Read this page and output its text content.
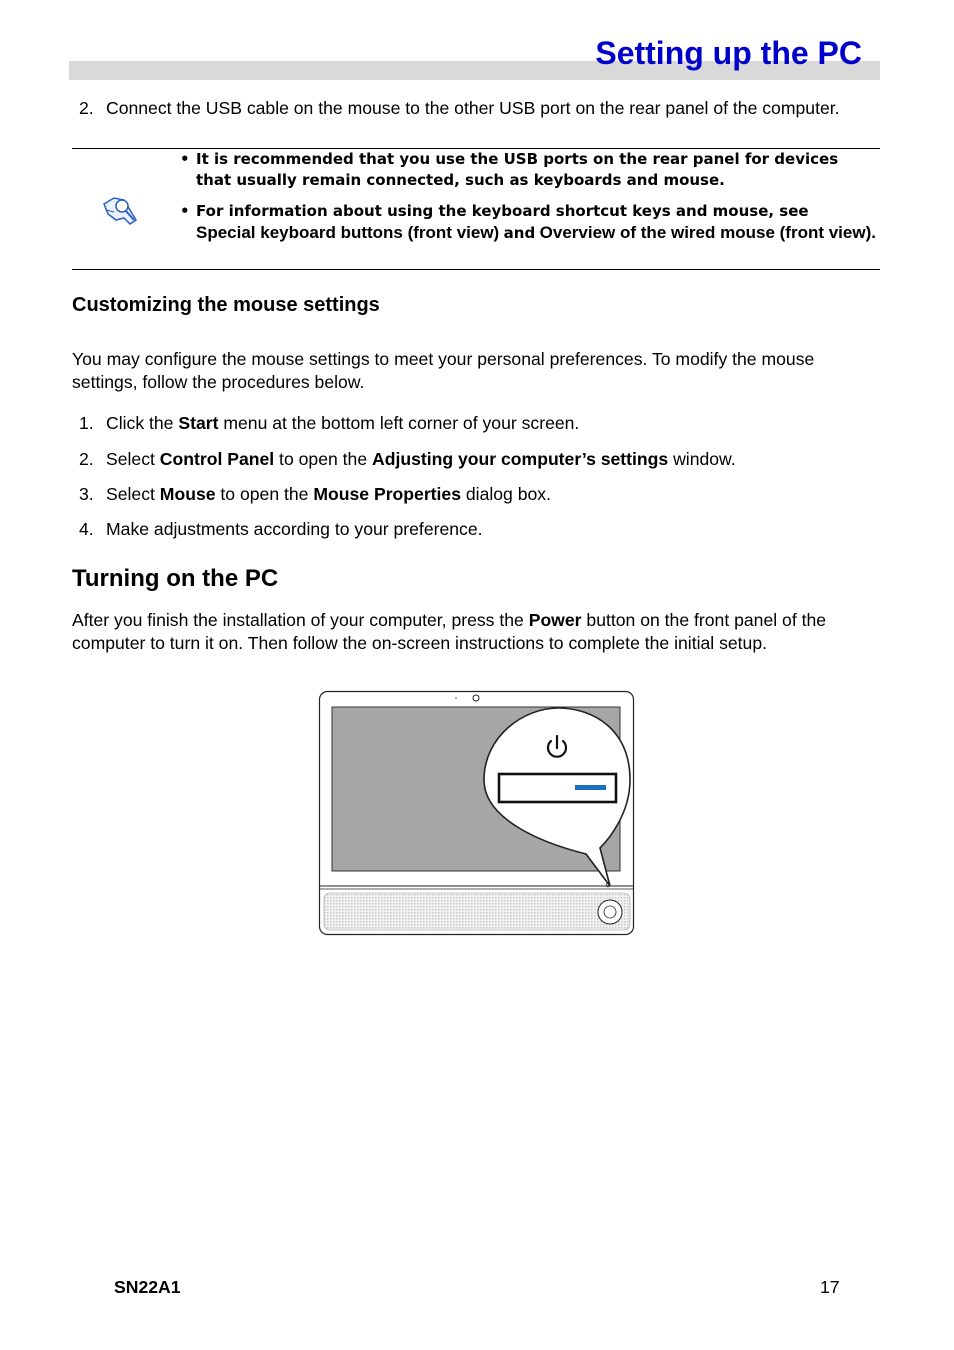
Setting up the PC
2. Connect the USB cable on the mouse to the other USB port on the rear panel of the computer.
• It is recommended that you use the USB ports on the rear panel for devices that usually remain connected, such as keyboards and mouse.
• For information about using the keyboard shortcut keys and mouse, see
Special keyboard buttons (front view) and Overview of the wired mouse (front view).
Customizing the mouse settings
You may configure the mouse settings to meet your personal preferences. To modify the mouse settings, follow the procedures below.
1. Click the Start menu at the bottom left corner of your screen.
2. Select Control Panel to open the Adjusting your computer’s settings window.
3. Select Mouse to open the Mouse Properties dialog box.
4. Make adjustments according to your preference.
Turning on the PC
After you finish the installation of your computer, press the Power button on the front panel of the computer to turn it on. Then follow the on-screen instructions to complete the initial setup.
SN22A1	17
